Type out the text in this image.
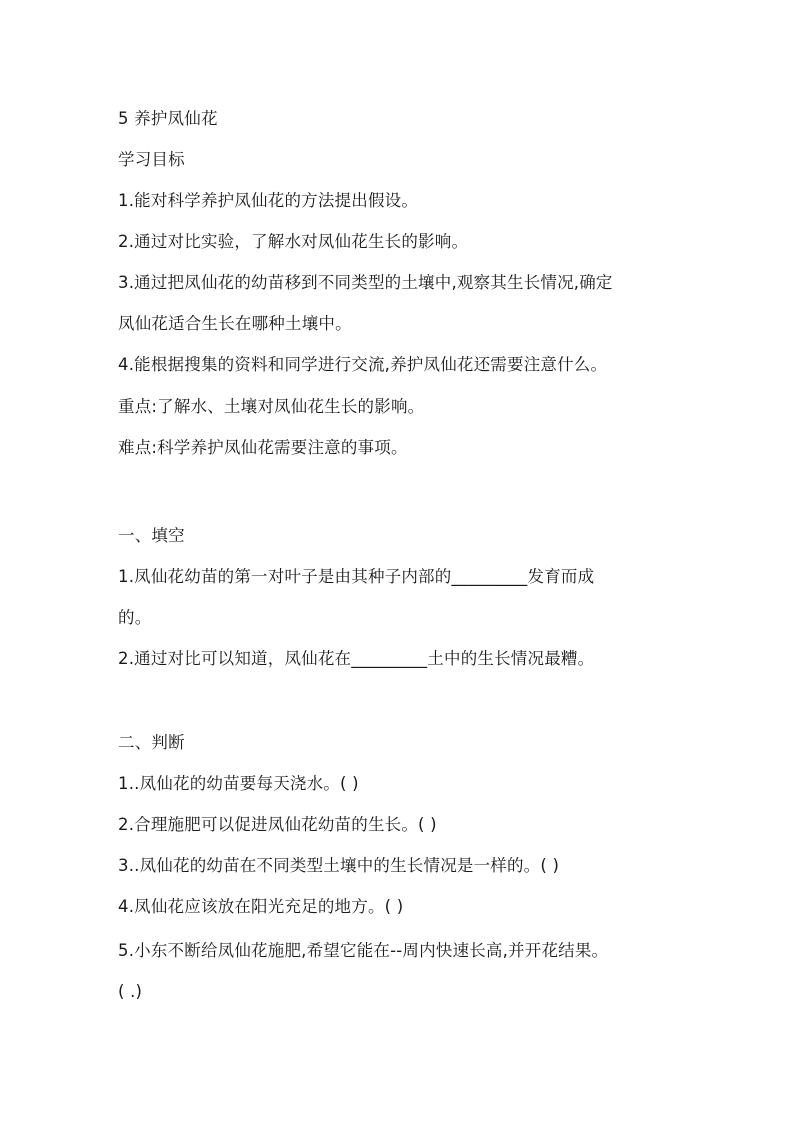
5 养护凤仙花
学习目标
1.能对科学养护凤仙花的方法提出假设。
2.通过对比实验，了解水对凤仙花生长的影响。
3.通过把凤仙花的幼苗移到不同类型的土壤中,观察其生长情况,确定
凤仙花适合生长在哪种土壤中。
4.能根据搜集的资料和同学进行交流,养护凤仙花还需要注意什么。
重点:了解水、土壤对凤仙花生长的影响。
难点:科学养护凤仙花需要注意的事项。
一、填空
1.凤仙花幼苗的第一对叶子是由其种子内部的_________发育而成
的。
2.通过对比可以知道，凤仙花在_________土中的生长情况最糟。
二、判断
1..凤仙花的幼苗要每天浇水。( )
2.合理施肥可以促进凤仙花幼苗的生长。( )
3..凤仙花的幼苗在不同类型土壤中的生长情况是一样的。( )
4.凤仙花应该放在阳光充足的地方。( )
5.小东不断给凤仙花施肥,希望它能在--周内快速长高,并开花结果。
( .)
